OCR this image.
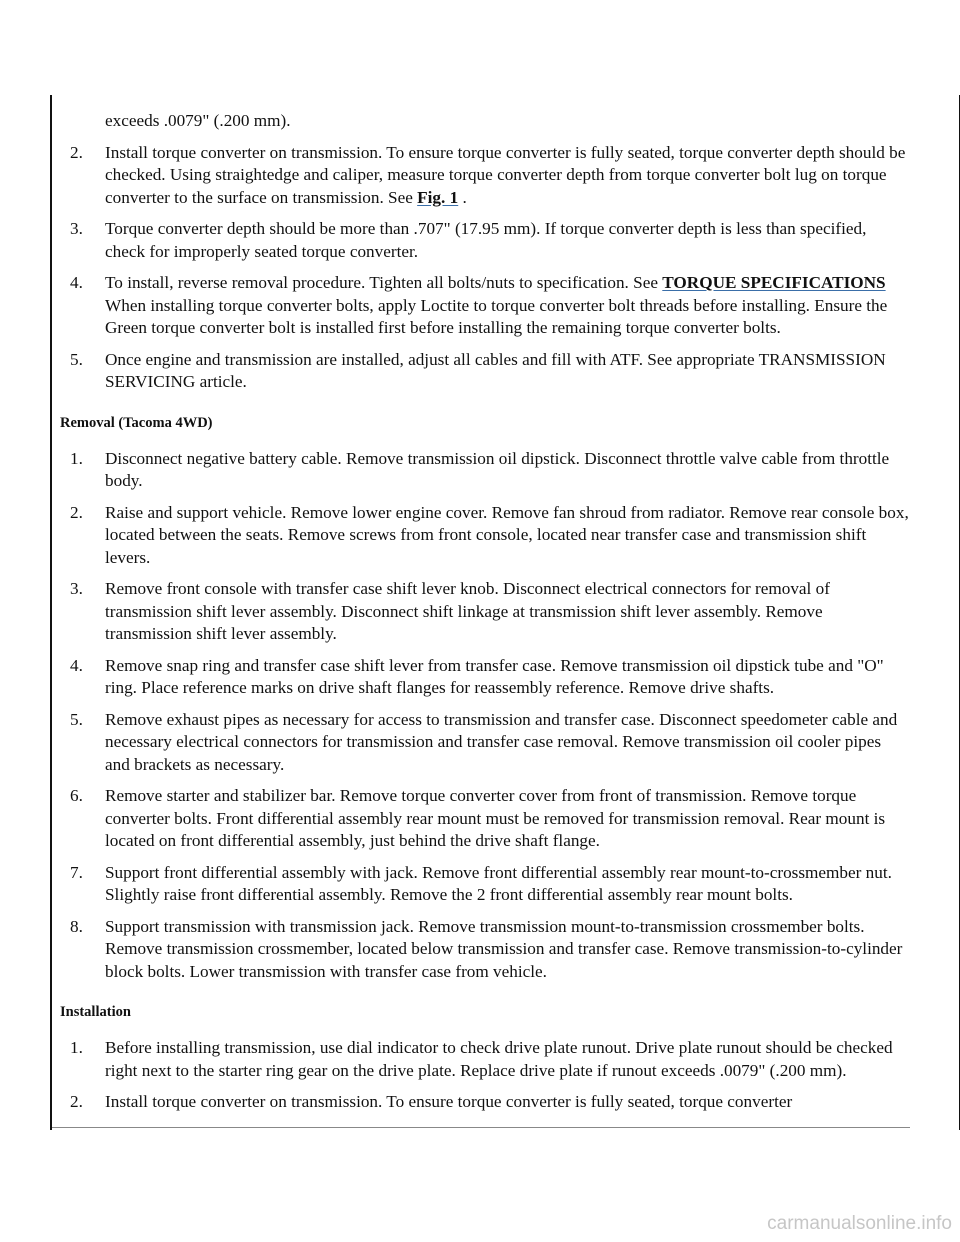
exceeds .0079" (.200 mm).

2.	Install torque converter on transmission. To ensure torque converter is fully seated, torque converter depth should be checked. Using straightedge and caliper, measure torque converter depth from torque converter bolt lug on torque converter to the surface on transmission. See Fig. 1 .
3.	Torque converter depth should be more than .707" (17.95 mm). If torque converter depth is less than specified, check for improperly seated torque converter.
4.	To install, reverse removal procedure. Tighten all bolts/nuts to specification. See TORQUE SPECIFICATIONS When installing torque converter bolts, apply Loctite to torque converter bolt threads before installing. Ensure the Green torque converter bolt is installed first before installing the remaining torque converter bolts.
5.	Once engine and transmission are installed, adjust all cables and fill with ATF. See appropriate TRANSMISSION SERVICING article.
Removal (Tacoma 4WD)
1.	Disconnect negative battery cable. Remove transmission oil dipstick. Disconnect throttle valve cable from throttle body.
2.	Raise and support vehicle. Remove lower engine cover. Remove fan shroud from radiator. Remove rear console box, located between the seats. Remove screws from front console, located near transfer case and transmission shift levers.
3.	Remove front console with transfer case shift lever knob. Disconnect electrical connectors for removal of transmission shift lever assembly. Disconnect shift linkage at transmission shift lever assembly. Remove transmission shift lever assembly.
4.	Remove snap ring and transfer case shift lever from transfer case. Remove transmission oil dipstick tube and "O" ring. Place reference marks on drive shaft flanges for reassembly reference. Remove drive shafts.
5.	Remove exhaust pipes as necessary for access to transmission and transfer case. Disconnect speedometer cable and necessary electrical connectors for transmission and transfer case removal. Remove transmission oil cooler pipes and brackets as necessary.
6.	Remove starter and stabilizer bar. Remove torque converter cover from front of transmission. Remove torque converter bolts. Front differential assembly rear mount must be removed for transmission removal. Rear mount is located on front differential assembly, just behind the drive shaft flange.
7.	Support front differential assembly with jack. Remove front differential assembly rear mount-to-crossmember nut. Slightly raise front differential assembly. Remove the 2 front differential assembly rear mount bolts.
8.	Support transmission with transmission jack. Remove transmission mount-to-transmission crossmember bolts. Remove transmission crossmember, located below transmission and transfer case. Remove transmission-to-cylinder block bolts. Lower transmission with transfer case from vehicle.
Installation
1.	Before installing transmission, use dial indicator to check drive plate runout. Drive plate runout should be checked right next to the starter ring gear on the drive plate. Replace drive plate if runout exceeds .0079" (.200 mm).
2.	Install torque converter on transmission. To ensure torque converter is fully seated, torque converter
carmanualsonline.info
